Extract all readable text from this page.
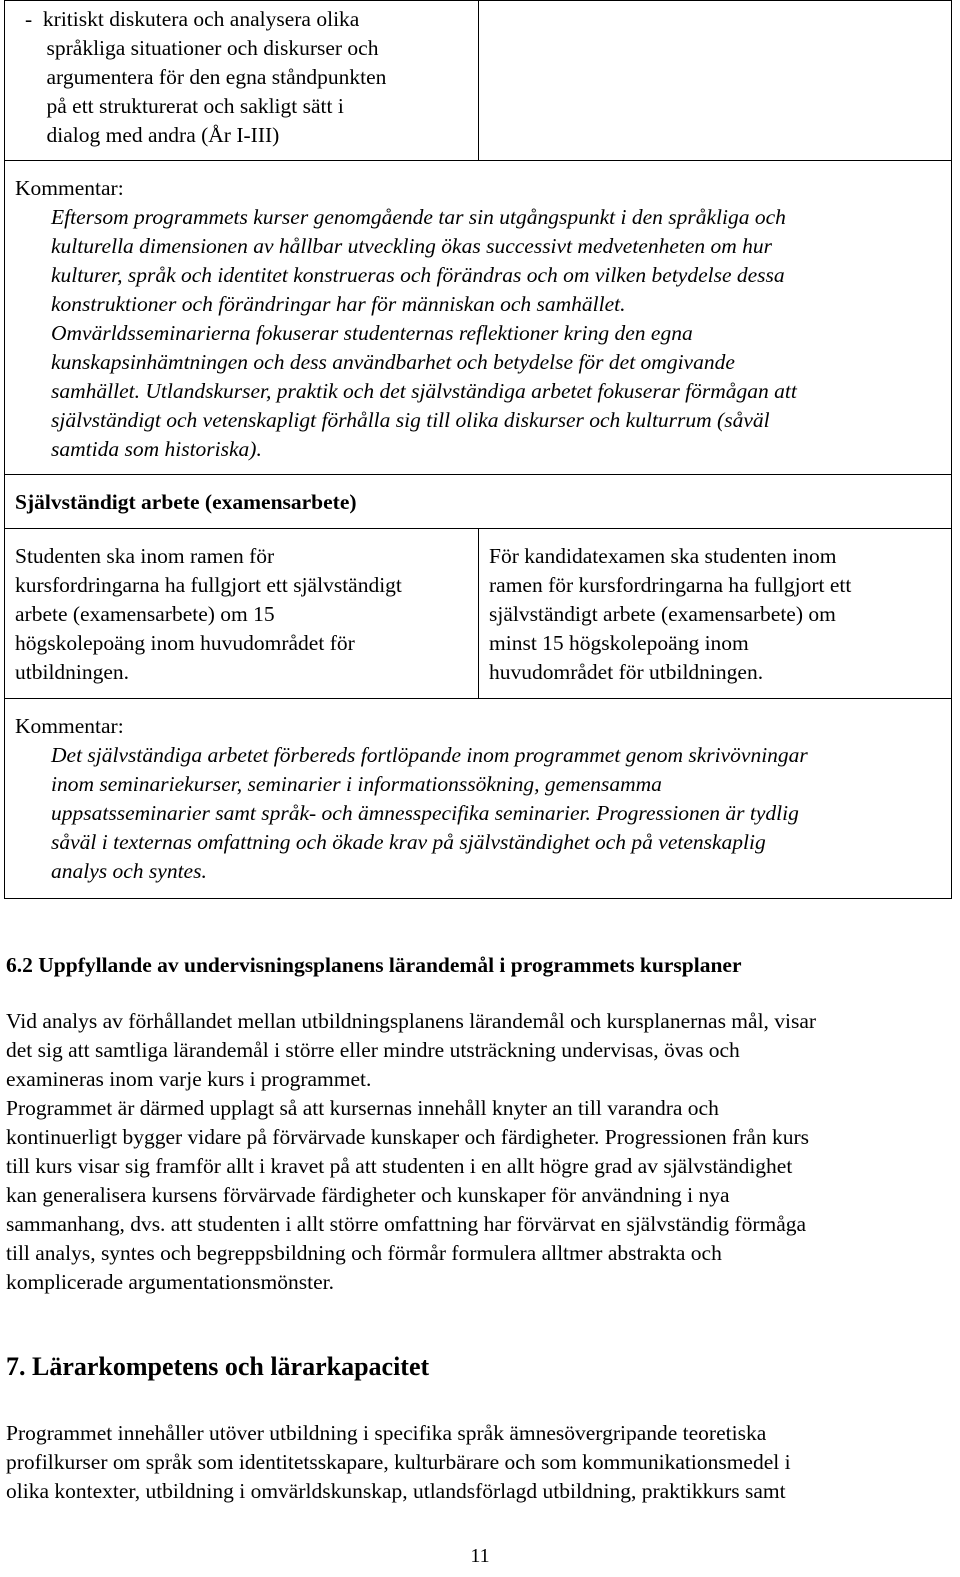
-  kritiskt diskutera och analysera olika
språkliga situationer och diskurser och
argumentera för den egna ståndpunkten
på ett strukturerat och sakligt sätt i
dialog med andra (År I-III)
Kommentar:
Eftersom programmets kurser genomgående tar sin utgångspunkt i den språkliga och
kulturella dimensionen av hållbar utveckling ökas successivt medvetenheten om hur
kulturer, språk och identitet konstrueras och förändras och om vilken betydelse dessa
konstruktioner och förändringar har för människan och samhället.
Omvärldsseminarierna fokuserar studenternas reflektioner kring den egna
kunskapsinhämtningen och dess användbarhet och betydelse för det omgivande
samhället. Utlandskurser, praktik och det självständiga arbetet fokuserar förmågan att
självständigt och vetenskapligt förhålla sig till olika diskurser och kulturrum (såväl
samtida som historiska).
Självständigt arbete (examensarbete)
Studenten ska inom ramen för
kursfordringarna ha fullgjort ett självständigt
arbete (examensarbete) om 15
högskolepoäng inom huvudområdet för
utbildningen.
För kandidatexamen ska studenten inom
ramen för kursfordringarna ha fullgjort ett
självständigt arbete (examensarbete) om
minst 15 högskolepoäng inom
huvudområdet för utbildningen.
Kommentar:
Det självständiga arbetet förbereds fortlöpande inom programmet genom skrivövningar
inom seminariekurser, seminarier i informationssökning, gemensamma
uppsatsseminarier samt språk- och ämnesspecifika seminarier. Progressionen är tydlig
såväl i texternas omfattning och ökade krav på självständighet och på vetenskaplig
analys och syntes.
6.2 Uppfyllande av undervisningsplanens lärandemål i programmets kursplaner
Vid analys av förhållandet mellan utbildningsplanens lärandemål och kursplanernas mål, visar
det sig att samtliga lärandemål i större eller mindre utsträckning undervisas, övas och
examineras inom varje kurs i programmet.
Programmet är därmed upplagt så att kursernas innehåll knyter an till varandra och
kontinuerligt bygger vidare på förvärvade kunskaper och färdigheter. Progressionen från kurs
till kurs visar sig framför allt i kravet på att studenten i en allt högre grad av självständighet
kan generalisera kursens förvärvade färdigheter och kunskaper för användning i nya
sammanhang, dvs. att studenten i allt större omfattning har förvärvat en självständig förmåga
till analys, syntes och begreppsbildning och förmår formulera alltmer abstrakta och
komplicerade argumentationsmönster.
7. Lärarkompetens och lärarkapacitet
Programmet innehåller utöver utbildning i specifika språk ämnesövergripande teoretiska
profilkurser om språk som identitetsskapare, kulturbärare och som kommunikationsmedel i
olika kontexter, utbildning i omvärldskunskap, utlandsförlagd utbildning, praktikkurs samt
11
